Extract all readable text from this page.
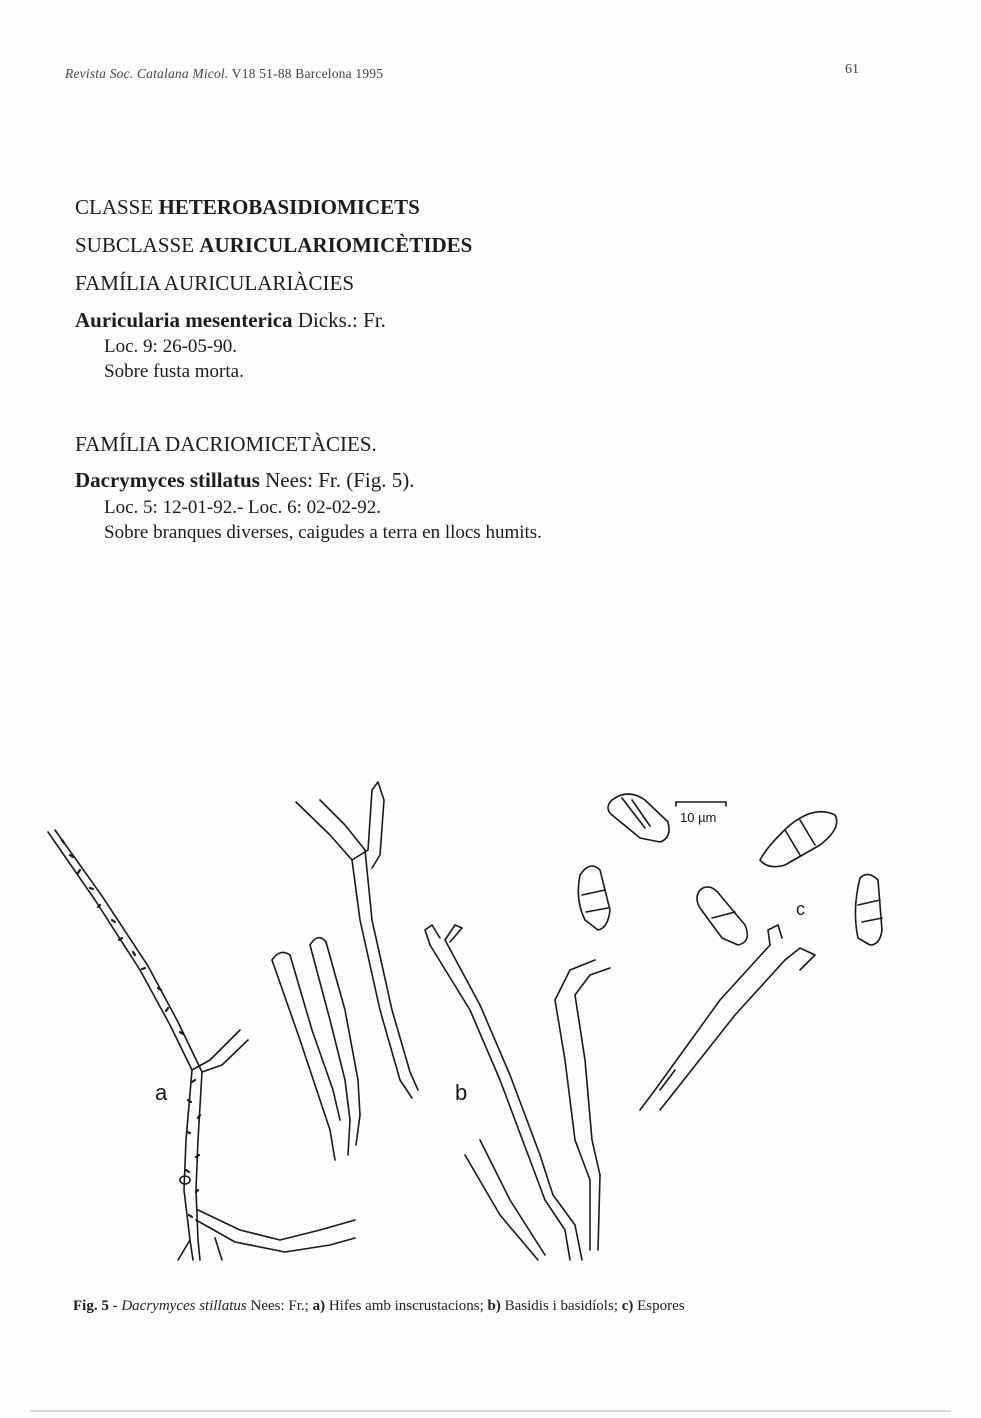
Revista Soc. Catalana Micol. V18 51-88 Barcelona 1995	61
CLASSE HETEROBASIDIOMICETS
SUBCLASSE AURICULARIOMICÈTIDES
FAMÍLIA AURICULARIÀCIES
Auricularia mesenterica Dicks.: Fr.
Loc. 9: 26-05-90.
Sobre fusta morta.
FAMÍLIA DACRIOMICETÀCIES.
Dacrymyces stillatus Nees: Fr. (Fig. 5).
Loc. 5: 12-01-92.- Loc. 6: 02-02-92.
Sobre branques diverses, caigudes a terra en llocs humits.
a	b
c
10 µm
Fig. 5 - Dacrymyces stillatus Nees: Fr.; a) Hifes amb inscrustacions; b) Basidis i basidíols; c) Espores
